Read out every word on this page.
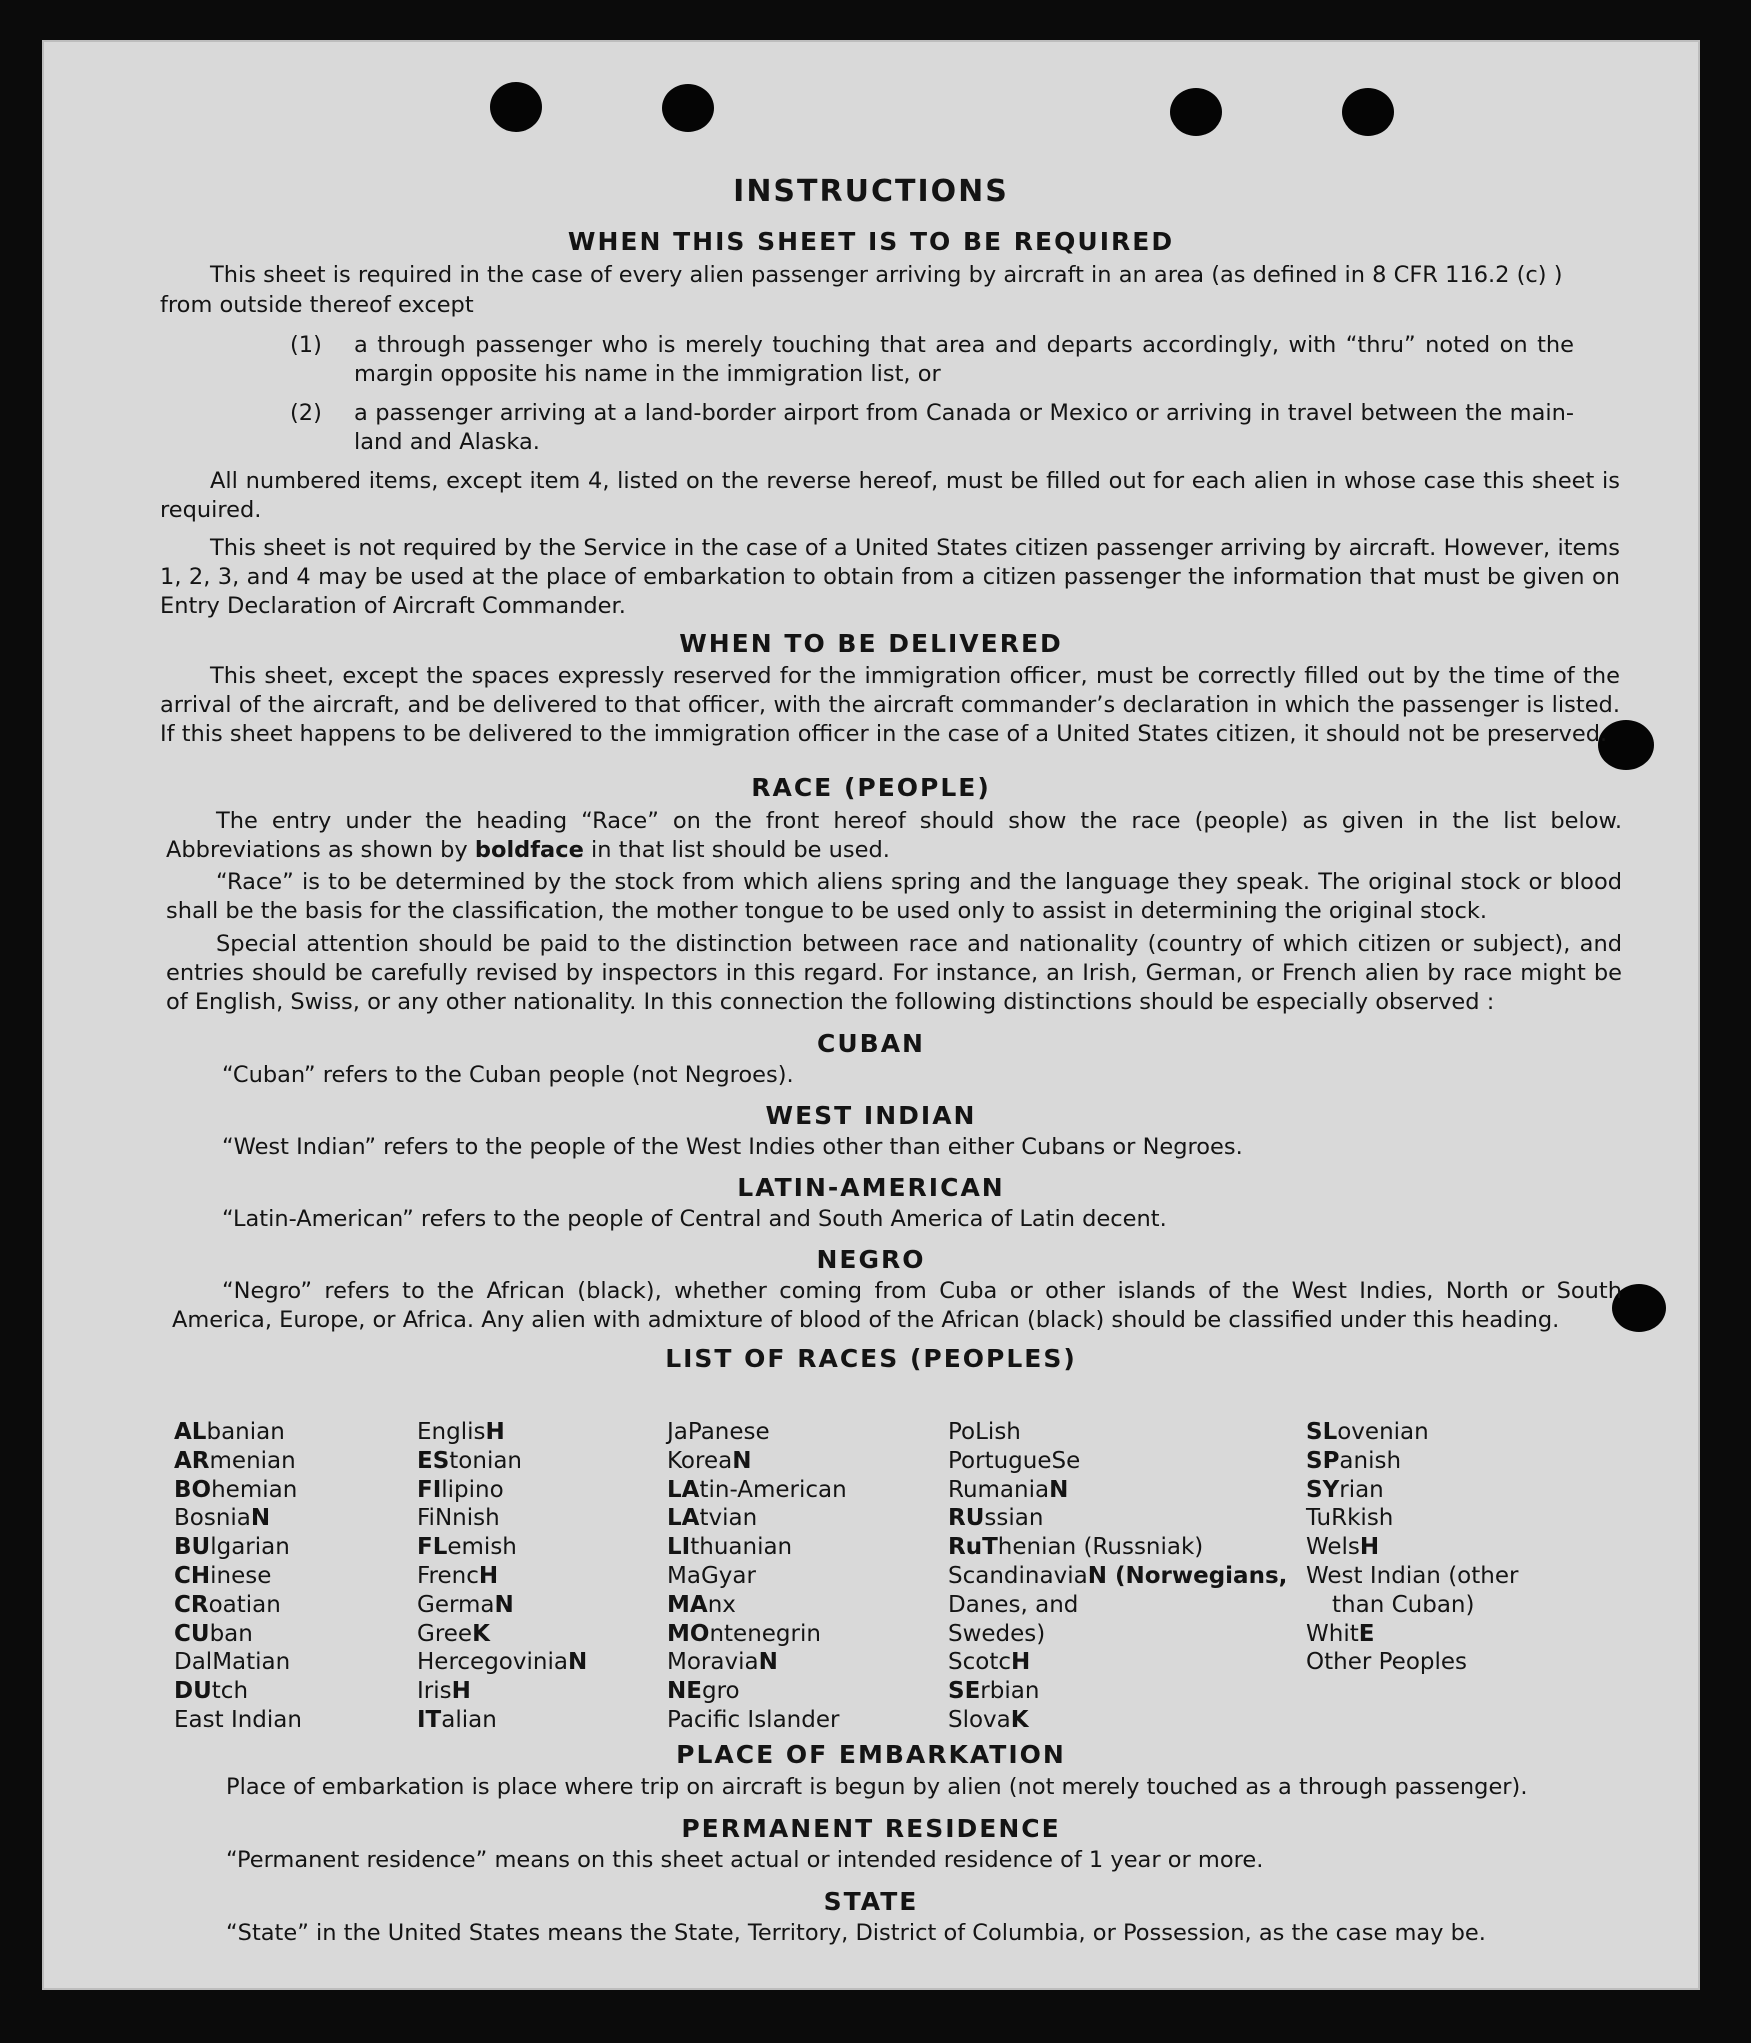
INSTRUCTIONS
WHEN THIS SHEET IS TO BE REQUIRED
This sheet is required in the case of every alien passenger arriving by aircraft in an area (as defined in 8 CFR 116.2 (c) )
from outside thereof except
(1) a through passenger who is merely touching that area and departs accordingly, with “thru” noted on the margin opposite his name in the immigration list, or
(2) a passenger arriving at a land-border airport from Canada or Mexico or arriving in travel between the main-land and Alaska.

All numbered items, except item 4, listed on the reverse hereof, must be filled out for each alien in whose case this sheet is required.

This sheet is not required by the Service in the case of a United States citizen passenger arriving by aircraft. However, items 1, 2, 3, and 4 may be used at the place of embarkation to obtain from a citizen passenger the information that must be given on Entry Declaration of Aircraft Commander.

WHEN TO BE DELIVERED

This sheet, except the spaces expressly reserved for the immigration officer, must be correctly filled out by the time of the arrival of the aircraft, and be delivered to that officer, with the aircraft commander’s declaration in which the passenger is listed. If this sheet happens to be delivered to the immigration officer in the case of a United States citizen, it should not be preserved.

RACE (PEOPLE)

The entry under the heading “Race” on the front hereof should show the race (people) as given in the list below. Abbreviations as shown by boldface in that list should be used.

“Race” is to be determined by the stock from which aliens spring and the language they speak. The original stock or blood shall be the basis for the classification, the mother tongue to be used only to assist in determining the original stock.

Special attention should be paid to the distinction between race and nationality (country of which citizen or subject), and entries should be carefully revised by inspectors in this regard. For instance, an Irish, German, or French alien by race might be of English, Swiss, or any other nationality. In this connection the following distinctions should be especially observed :

CUBAN

“Cuban” refers to the Cuban people (not Negroes).

WEST INDIAN

“West Indian” refers to the people of the West Indies other than either Cubans or Negroes.

LATIN-AMERICAN

“Latin-American” refers to the people of Central and South America of Latin decent.

NEGRO

“Negro” refers to the African (black), whether coming from Cuba or other islands of the West Indies, North or South America, Europe, or Africa. Any alien with admixture of blood of the African (black) should be classified under this heading.

LIST OF RACES (PEOPLES)
ALbanian
ARmenian
BOhemian
BosniaN
BUlgarian
CHinese
CRoatian
CUban
DalMatian
DUtch
East Indian
EnglisH
EStonian
FIlipino
FiNnish
FLemish
FrencH
GermaN
GreeK
HercegoviniaN
IrisH
ITalian
JaPanese
KoreaN
LAtin-American
LAtvian
LIthuanian
MaGyar
MAnx
MOntenegrin
MoraviaN
NEgro
Pacific Islander
PoLish
PortugueSe
RumaniaN
RUssian
RuThenian (Russniak)
ScandinaviaN (Norwegians,
Danes, and
Swedes)
ScotcH
SErbian
SlovaK
SLovenian
SPanish
SYrian
TuRkish
WelsH
West Indian (other
than Cuban)
WhitE
Other Peoples
PLACE OF EMBARKATION

Place of embarkation is place where trip on aircraft is begun by alien (not merely touched as a through passenger).

PERMANENT RESIDENCE

“Permanent residence” means on this sheet actual or intended residence of 1 year or more.

STATE

“State” in the United States means the State, Territory, District of Columbia, or Possession, as the case may be.
